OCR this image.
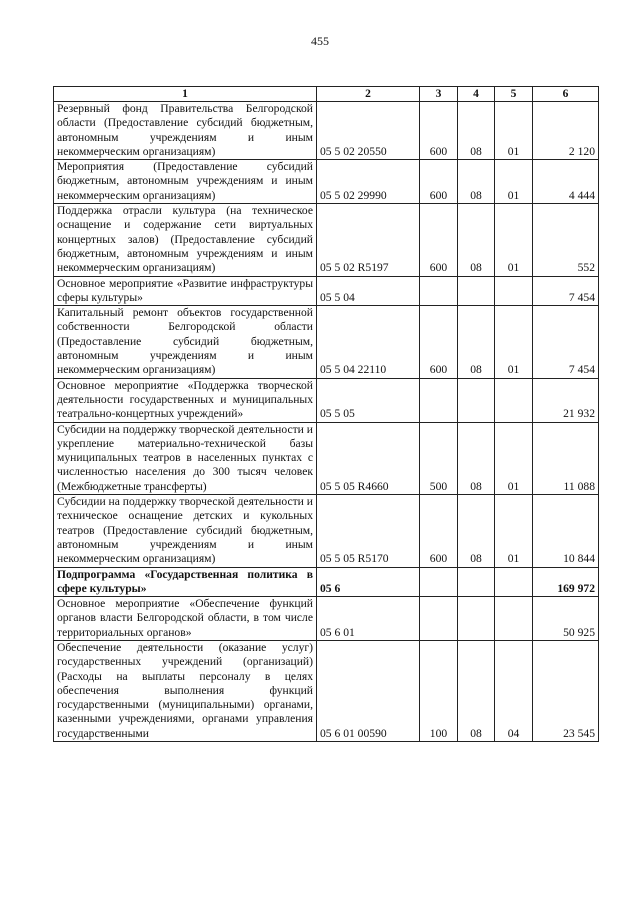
455
1	2	3	4	5	6
Резервный фонд Правительства Белгородской области (Предоставление субсидий бюджетным, автономным учреждениям и иным некоммерческим организациям)	05 5 02 20550	600	08	01	2 120
Мероприятия (Предоставление субсидий бюджетным, автономным учреждениям и иным некоммерческим организациям)	05 5 02 29990	600	08	01	4 444
Поддержка отрасли культура (на техническое оснащение и содержание сети виртуальных концертных залов) (Предоставление субсидий бюджетным, автономным учреждениям и иным некоммерческим организациям)	05 5 02 R5197	600	08	01	552
Основное мероприятие «Развитие инфраструктуры сферы культуры»	05 5 04				7 454
Капитальный ремонт объектов государственной собственности Белгородской области (Предоставление субсидий бюджетным, автономным учреждениям и иным некоммерческим организациям)	05 5 04 22110	600	08	01	7 454
Основное мероприятие «Поддержка творческой деятельности государственных и муниципальных театрально-концертных учреждений»	05 5 05				21 932
Субсидии на поддержку творческой деятельности и укрепление материально-технической базы муниципальных театров в населенных пунктах с численностью населения до 300 тысяч человек (Межбюджетные трансферты)	05 5 05 R4660	500	08	01	11 088
Субсидии на поддержку творческой деятельности и техническое оснащение детских и кукольных театров (Предоставление субсидий бюджетным, автономным учреждениям и иным некоммерческим организациям)	05 5 05 R5170	600	08	01	10 844
Подпрограмма «Государственная политика в сфере культуры»	05 6				169 972
Основное мероприятие «Обеспечение функций органов власти Белгородской области, в том числе территориальных органов»	05 6 01				50 925
Обеспечение деятельности (оказание услуг) государственных учреждений (организаций) (Расходы на выплаты персоналу в целях обеспечения выполнения функций государственными (муниципальными) органами, казенными учреждениями, органами управления государственными	05 6 01 00590	100	08	04	23 545
